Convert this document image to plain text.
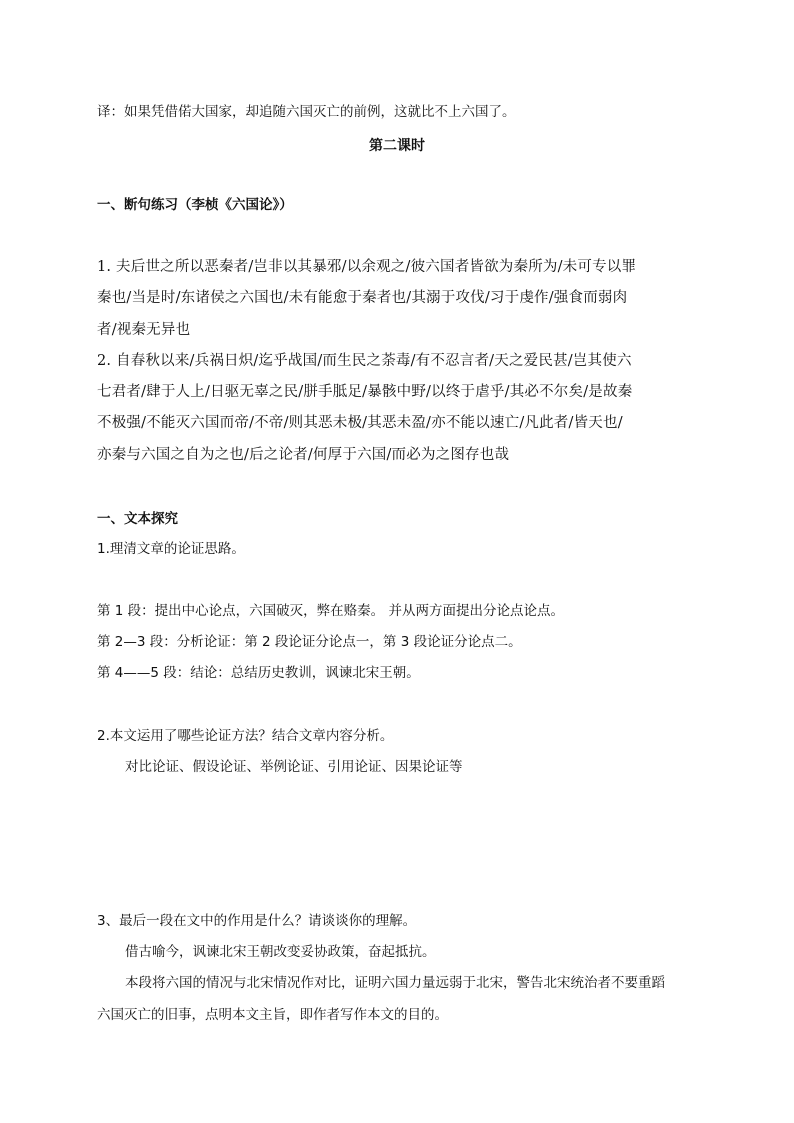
译：如果凭借偌大国家，却追随六国灭亡的前例，这就比不上六国了。
第二课时
一、断句练习（李桢《六国论》）
1. 夫后世之所以恶秦者/岂非以其暴邪/以余观之/彼六国者皆欲为秦所为/未可专以罪
秦也/当是时/东诸侯之六国也/未有能愈于秦者也/其溺于攻伐/习于虔作/强食而弱肉
者/视秦无异也
2. 自春秋以来/兵祸日炽/迄乎战国/而生民之荼毒/有不忍言者/天之爱民甚/岂其使六
七君者/肆于人上/日驱无辜之民/胼手胝足/暴骸中野/以终于虐乎/其必不尔矣/是故秦
不极强/不能灭六国而帝/不帝/则其恶未极/其恶未盈/亦不能以速亡/凡此者/皆天也/
亦秦与六国之自为之也/后之论者/何厚于六国/而必为之图存也哉
一、文本探究
1.理清文章的论证思路。
第 1 段：提出中心论点，六国破灭，弊在赂秦。 并从两方面提出分论点论点。
第 2—3 段：分析论证：第 2 段论证分论点一，第 3 段论证分论点二。
第 4——5 段：结论：总结历史教训，讽谏北宋王朝。
2.本文运用了哪些论证方法？结合文章内容分析。
对比论证、假设论证、举例论证、引用论证、因果论证等
3、最后一段在文中的作用是什么？请谈谈你的理解。
借古喻今，讽谏北宋王朝改变妥协政策，奋起抵抗。
本段将六国的情况与北宋情况作对比，证明六国力量远弱于北宋，警告北宋统治者不要重蹈
六国灭亡的旧事，点明本文主旨，即作者写作本文的目的。
